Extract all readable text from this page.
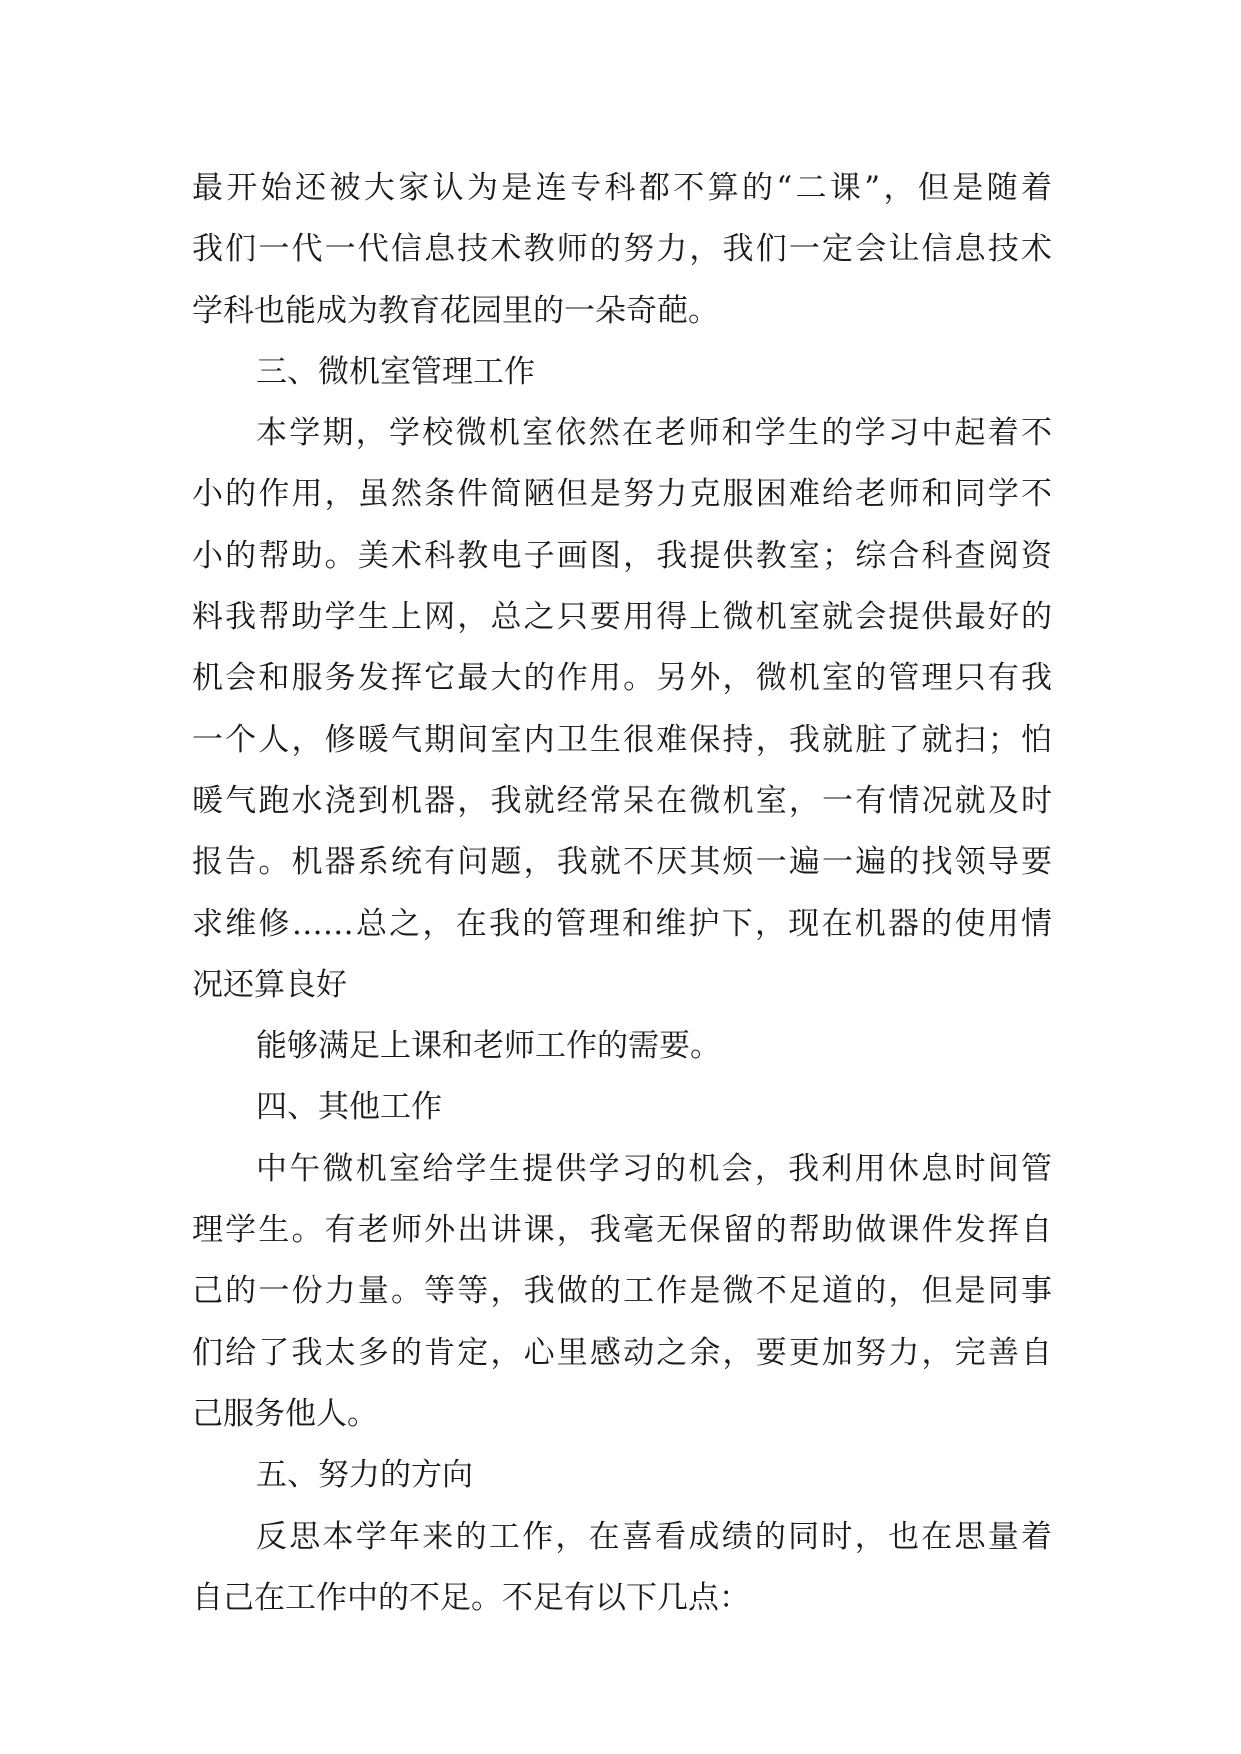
最开始还被大家认为是连专科都不算的“二课”，但是随着
我们一代一代信息技术教师的努力，我们一定会让信息技术
学科也能成为教育花园里的一朵奇葩。
三、微机室管理工作
本学期，学校微机室依然在老师和学生的学习中起着不
小的作用，虽然条件简陋但是努力克服困难给老师和同学不
小的帮助。美术科教电子画图，我提供教室；综合科查阅资
料我帮助学生上网，总之只要用得上微机室就会提供最好的
机会和服务发挥它最大的作用。另外，微机室的管理只有我
一个人，修暖气期间室内卫生很难保持，我就脏了就扫；怕
暖气跑水浇到机器，我就经常呆在微机室，一有情况就及时
报告。机器系统有问题，我就不厌其烦一遍一遍的找领导要
求维修……总之，在我的管理和维护下，现在机器的使用情
况还算良好
能够满足上课和老师工作的需要。
四、其他工作
中午微机室给学生提供学习的机会，我利用休息时间管
理学生。有老师外出讲课，我毫无保留的帮助做课件发挥自
己的一份力量。等等，我做的工作是微不足道的，但是同事
们给了我太多的肯定，心里感动之余，要更加努力，完善自
己服务他人。
五、努力的方向
反思本学年来的工作，在喜看成绩的同时，也在思量着
自己在工作中的不足。不足有以下几点：
